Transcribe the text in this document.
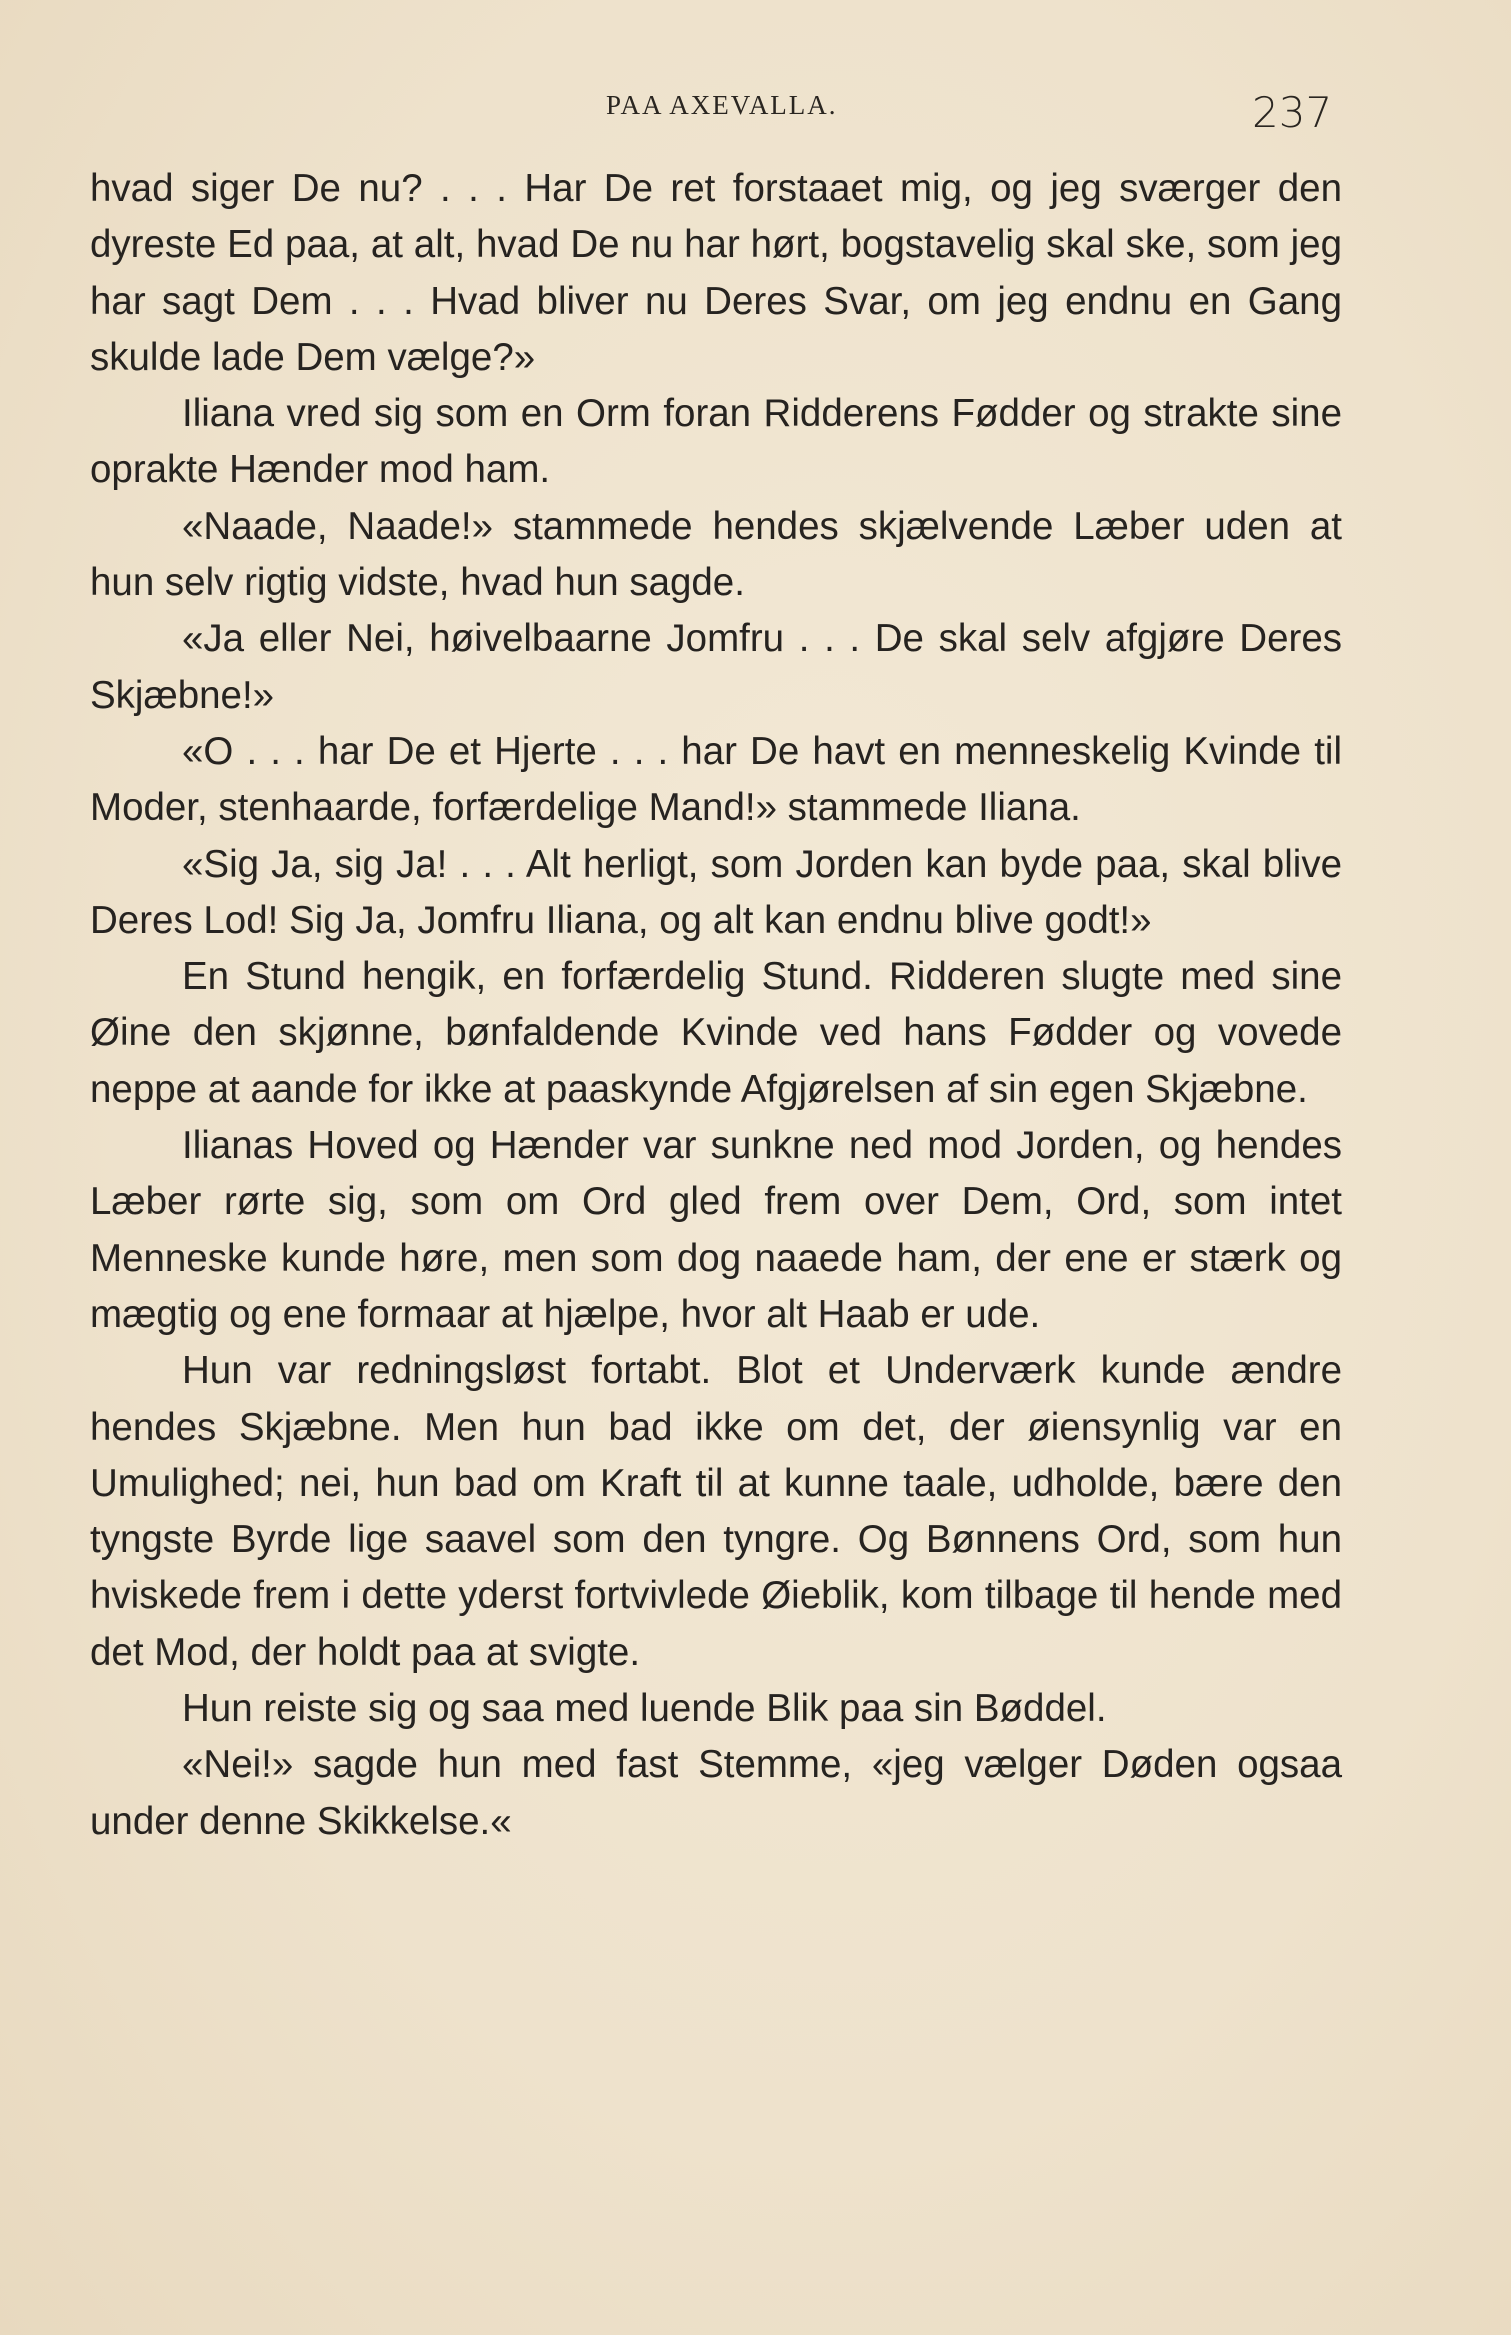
PAA AXEVALLA.	237

hvad siger De nu? . . . Har De ret forstaaet mig, og jeg sværger den dyreste Ed paa, at alt, hvad De nu har hørt, bogstavelig skal ske, som jeg har sagt Dem . . . Hvad bliver nu Deres Svar, om jeg endnu en Gang skulde lade Dem vælge?»

Iliana vred sig som en Orm foran Ridderens Fødder og strakte sine oprakte Hænder mod ham.

«Naade, Naade!» stammede hendes skjælvende Læber uden at hun selv rigtig vidste, hvad hun sagde.

«Ja eller Nei, høivelbaarne Jomfru . . . De skal selv afgjøre Deres Skjæbne!»

«O . . . har De et Hjerte . . . har De havt en menneskelig Kvinde til Moder, stenhaarde, forfærdelige Mand!» stammede Iliana.

«Sig Ja, sig Ja! . . . Alt herligt, som Jorden kan byde paa, skal blive Deres Lod! Sig Ja, Jomfru Iliana, og alt kan endnu blive godt!»

En Stund hengik, en forfærdelig Stund. Ridderen slugte med sine Øine den skjønne, bønfaldende Kvinde ved hans Fødder og vovede neppe at aande for ikke at paaskynde Afgjørelsen af sin egen Skjæbne.

Ilianas Hoved og Hænder var sunkne ned mod Jorden, og hendes Læber rørte sig, som om Ord gled frem over Dem, Ord, som intet Menneske kunde høre, men som dog naaede ham, der ene er stærk og mægtig og ene formaar at hjælpe, hvor alt Haab er ude.

Hun var redningsløst fortabt. Blot et Underværk kunde ændre hendes Skjæbne. Men hun bad ikke om det, der øiensynlig var en Umulighed; nei, hun bad om Kraft til at kunne taale, udholde, bære den tyngste Byrde lige saavel som den tyngre. Og Bønnens Ord, som hun hviskede frem i dette yderst fortvivlede Øieblik, kom tilbage til hende med det Mod, der holdt paa at svigte.

Hun reiste sig og saa med luende Blik paa sin Bøddel.

«Nei!» sagde hun med fast Stemme, «jeg vælger Døden ogsaa under denne Skikkelse.«
